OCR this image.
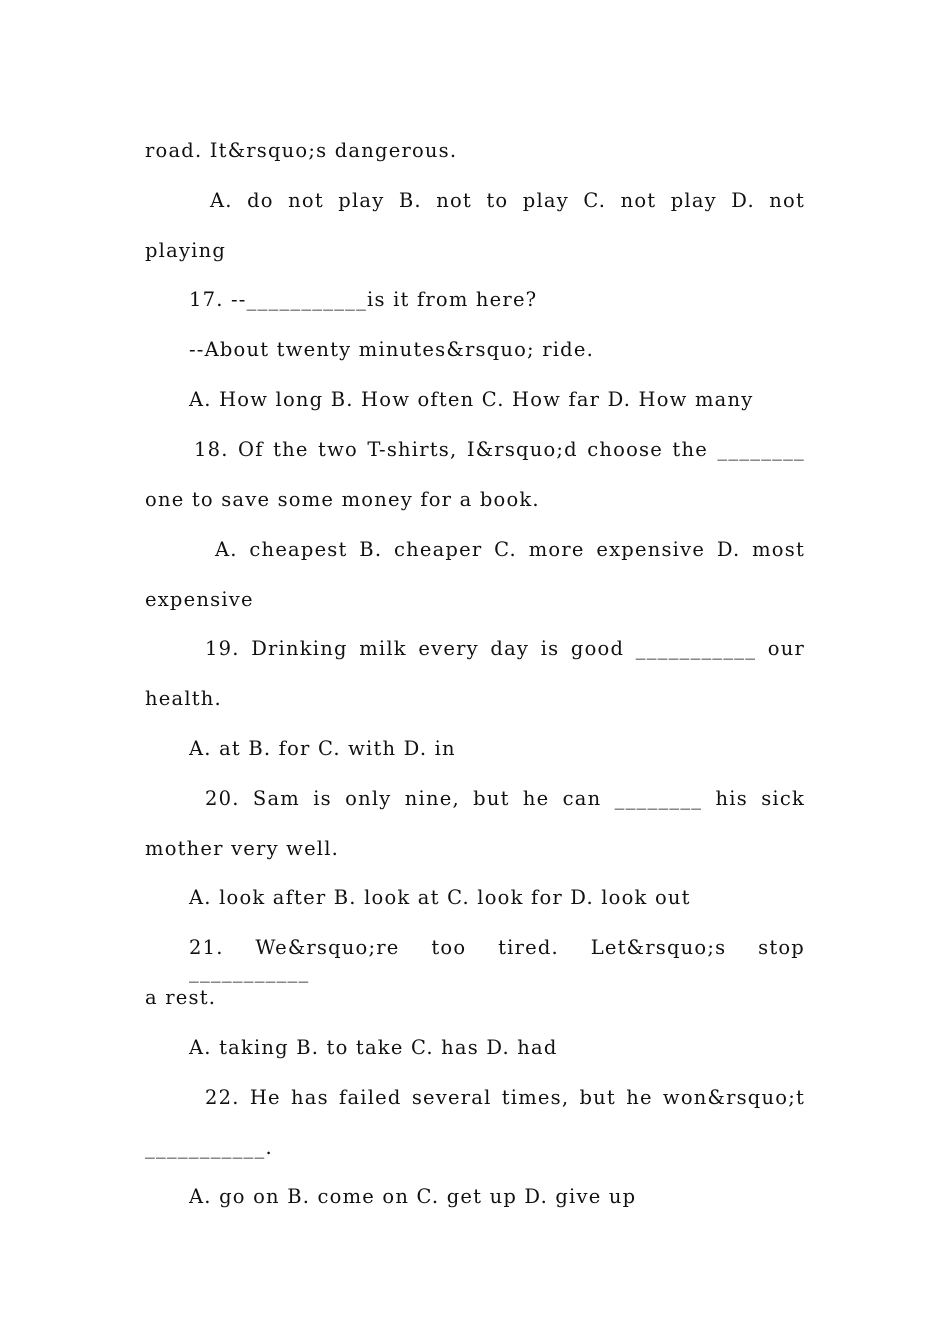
road. It&rsquo;s dangerous.
A. do not play B. not to play C. not play D. not
playing
17. --___________is it from here?
--About twenty minutes&rsquo; ride.
A. How long B. How often C. How far D. How many
18. Of the two T-shirts, I&rsquo;d choose the ________
one to save some money for a book.
A. cheapest B. cheaper C. more expensive D. most
expensive
19. Drinking milk every day is good ___________ our
health.
A. at B. for C. with D. in
20. Sam is only nine, but he can ________ his sick
mother very well.
A. look after B. look at C. look for D. look out
21. We&rsquo;re too tired. Let&rsquo;s stop ___________
a rest.
A. taking B. to take C. has D. had
22. He has failed several times, but he won&rsquo;t
___________.
A. go on B. come on C. get up D. give up
